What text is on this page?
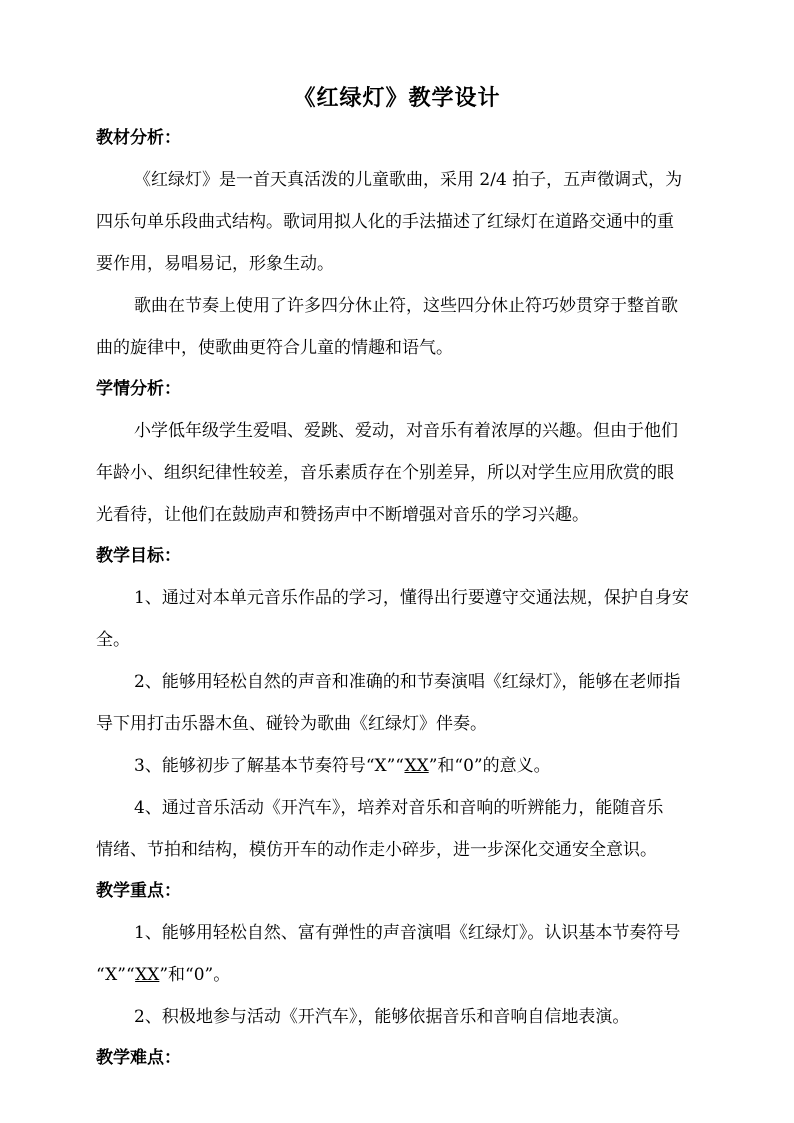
《红绿灯》教学设计
教材分析：
《红绿灯》是一首天真活泼的儿童歌曲，采用 2/4 拍子，五声徵调式，为
四乐句单乐段曲式结构。歌词用拟人化的手法描述了红绿灯在道路交通中的重
要作用，易唱易记，形象生动。
歌曲在节奏上使用了许多四分休止符，这些四分休止符巧妙贯穿于整首歌
曲的旋律中，使歌曲更符合儿童的情趣和语气。
学情分析：
小学低年级学生爱唱、爱跳、爱动，对音乐有着浓厚的兴趣。但由于他们
年龄小、组织纪律性较差，音乐素质存在个别差异，所以对学生应用欣赏的眼
光看待，让他们在鼓励声和赞扬声中不断增强对音乐的学习兴趣。
教学目标：
1、通过对本单元音乐作品的学习，懂得出行要遵守交通法规，保护自身安
全。
2、能够用轻松自然的声音和准确的和节奏演唱《红绿灯》，能够在老师指
导下用打击乐器木鱼、碰铃为歌曲《红绿灯》伴奏。
3、能够初步了解基本节奏符号“X”“XX”和“0”的意义。
4、通过音乐活动《开汽车》，培养对音乐和音响的听辨能力，能随音乐
情绪、节拍和结构，模仿开车的动作走小碎步，进一步深化交通安全意识。
教学重点：
1、能够用轻松自然、富有弹性的声音演唱《红绿灯》。认识基本节奏符号
“X”“XX”和“0”。
2、积极地参与活动《开汽车》，能够依据音乐和音响自信地表演。
教学难点：
